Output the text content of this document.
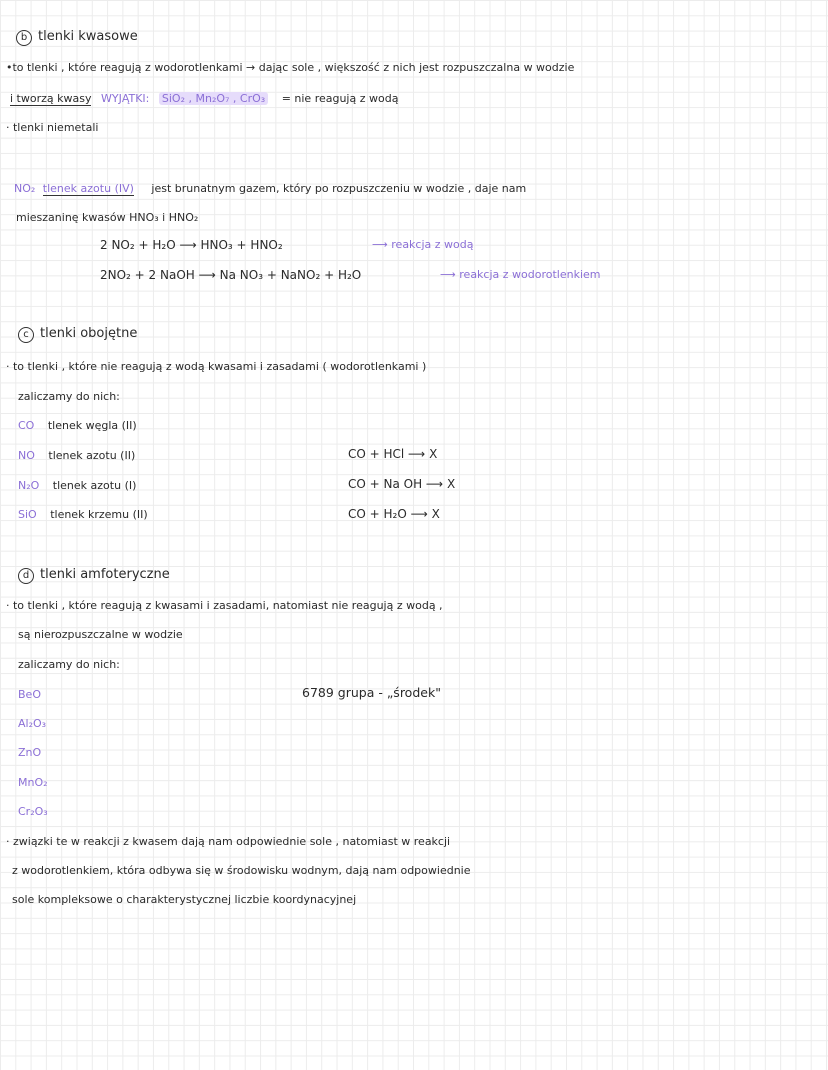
b tlenki kwasowe
•to tlenki , które reagują z wodorotlenkami → dając sole , większość z nich jest rozpuszczalna w wodzie
i tworzą kwasy WYJĄTKI: SiO₂ , Mn₂O₇ , CrO₃ = nie reagują z wodą
· tlenki niemetali
NO₂ tlenek azotu (IV) jest brunatnym gazem, który po rozpuszczeniu w wodzie , daje nam
mieszaninę kwasów HNO₃ i HNO₂
2 NO₂ + H₂O ⟶ HNO₃ + HNO₂	⟶ reakcja z wodą
2NO₂ + 2 NaOH ⟶ Na NO₃ + NaNO₂ + H₂O	⟶ reakcja z wodorotlenkiem
c tlenki obojętne
· to tlenki , które nie reagują z wodą kwasami i zasadami ( wodorotlenkami )
zaliczamy do nich:
CO tlenek węgla (II)
NO tlenek azotu (II)
N₂O tlenek azotu (I)
SiO tlenek krzemu (II)
CO + HCl ⟶ X
CO + Na OH ⟶ X
CO + H₂O ⟶ X
d tlenki amfoteryczne
· to tlenki , które reagują z kwasami i zasadami, natomiast nie reagują z wodą ,
są nierozpuszczalne w wodzie
zaliczamy do nich:
BeO
Al₂O₃
ZnO
MnO₂
Cr₂O₃
6789 grupa - „środek"
· związki te w reakcji z kwasem dają nam odpowiednie sole , natomiast w reakcji
z wodorotlenkiem, która odbywa się w środowisku wodnym, dają nam odpowiednie
sole kompleksowe o charakterystycznej liczbie koordynacyjnej
